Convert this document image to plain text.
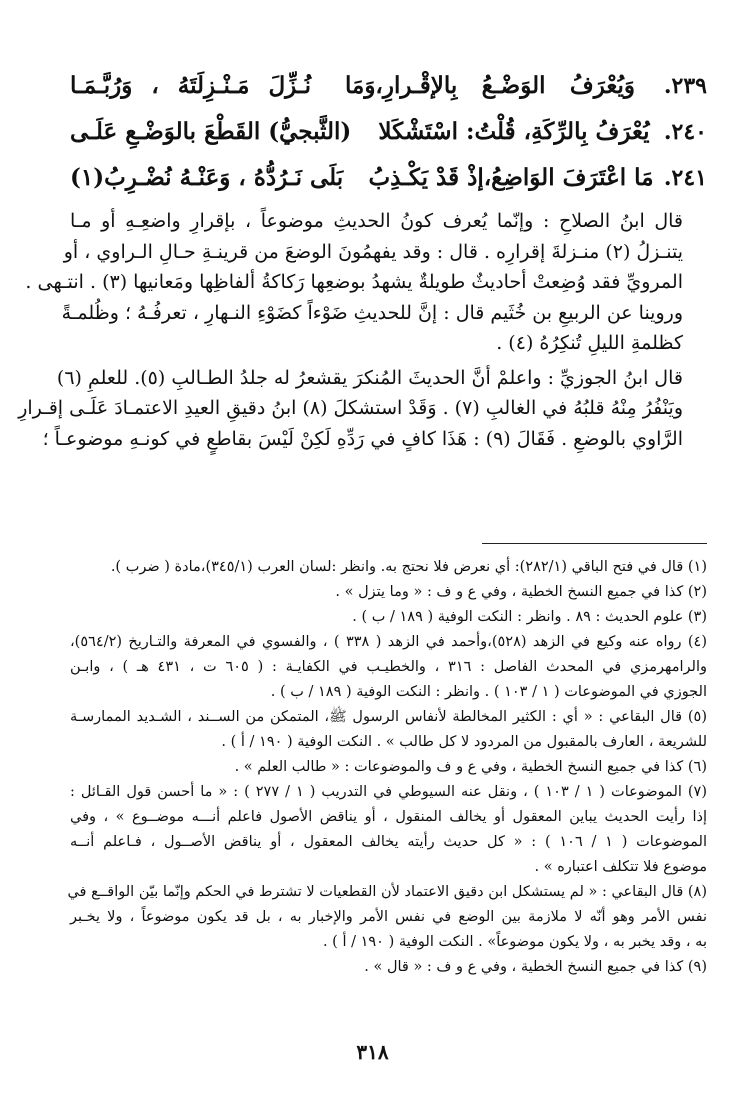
٢٣٩.
وَيُعْرَفُ الوَضْـعُ بِالإقْـرارِ،وَمَا
نُـزِّلَ مَـنْـزِلَتَهُ ، وَرُبَّـمَـا
٢٤٠.
يُعْرَفُ بِالرِّكَةِ، قُلْتُ: اسْتَشْكَلا
(الثَّبجيُّ) القَطْعَ بالوَضْـعِ عَلَـى
٢٤١.
مَا اعْتَرَفَ الوَاضِعُ،إذْ قَدْ يَكْـذِبُ
بَلَى نَـرُدُّهُ ، وَعَنْـهُ نُضْـرِبُ(١)

قال ابنُ الصلاحِ : وإنّما يُعرف كونُ الحديثِ موضوعاً ، بإقرارِ واضعِـهِ أو مـا
يتنـزلُ (٢) منـزلةَ إقرارِه . قال : وقد يفهمُونَ الوضعَ من قرينـةِ حـالِ الـراوي ، أو
المرويِّ فقد وُضِعتْ أحاديثٌ طويلةٌ يشهدُ بوضعِها رَكاكةُ ألفاظِها ومَعانيها (٣) . انتـهى .
وروينا عن الربيعِ بن خُثَيم قال : إنَّ للحديثِ ضَوْءاً كضَوْءِ النـهارِ ، تعرفُـهُ ؛ وظُلمـةً
كظلمةِ الليلِ تُنكِرُهُ (٤) .

قال ابنُ الجوزيِّ : واعلمْ أنَّ الحديثَ المُنكرَ يقشعرُ له جلدُ الطـالبِ (٥). للعلمِ (٦)
ويَنْفُرُ مِنْهُ قلبُهُ في الغالبِ (٧) . وَقَدْ استشكلَ (٨) ابنُ دقيقِ العيدِ الاعتمـادَ عَلَـى إقـرارِ
الرَّاوي بالوضعِ . فَقَالَ (٩) : هَذَا كافٍ في رَدِّهِ لَكِنْ لَيْسَ بقاطعٍ في كونـهِ موضوعـاً ؛

(١) قال في فتح الباقي (٢٨٢/١): أي نعرض فلا نحتج به. وانظر :لسان العرب (٣٤٥/١)،مادة ( ضرب ).

(٢) كذا في جميع النسخ الخطية ، وفي ع و ف : « وما يتزل » .

(٣) علوم الحديث : ٨٩ . وانظر : النكت الوفية ( ١٨٩ / ب ) .

(٤) رواه عنه وكيع في الزهد (٥٢٨)،وأحمد في الزهد ( ٣٣٨ ) ، والفسوي في المعرفة والتـاريخ (٥٦٤/٢)،
والرامهرمزي في المحدث الفاصل : ٣١٦ ، والخطيـب في الكفايـة : ( ٦٠٥ ت ، ٤٣١ هـ ) ، وابـن
الجوزي في الموضوعات ( ١ / ١٠٣ ) . وانظر : النكت الوفية ( ١٨٩ / ب ) .

(٥) قال البقاعي : « أي : الكثير المخالطة لأنفاس الرسول ﷺ، المتمكن من الســند ، الشـديد الممارسـة
للشريعة ، العارف بالمقبول من المردود لا كل طالب » . النكت الوفية ( ١٩٠ / أ ) .

(٦) كذا في جميع النسخ الخطية ، وفي ع و ف والموضوعات : « طالب العلم » .

(٧) الموضوعات ( ١ / ١٠٣ ) ، ونقل عنه السيوطي في التدريب ( ١ / ٢٧٧ ) : « ما أحسن قول القـائل :
إذا رأيت الحديث يباين المعقول أو يخالف المنقول ، أو يناقض الأصول فاعلم أنـــه موضــوع » ، وفي
الموضوعات ( ١ / ١٠٦ ) : « كل حديث رأيته يخالف المعقول ، أو يناقض الأصــول ، فـاعلم أنــه
موضوع فلا تتكلف اعتباره » .

(٨) قال البقاعي : « لم يستشكل ابن دقيق الاعتماد لأن القطعيات لا تشترط في الحكم وإنّما بيّن الواقــع في
نفس الأمر وهو أنّه لا ملازمة بين الوضع في نفس الأمر والإخبار به ، بل قد يكون موضوعاً ، ولا يخـبر
به ، وقد يخبر به ، ولا يكون موضوعاً» . النكت الوفية ( ١٩٠ / أ ) .

(٩) كذا في جميع النسخ الخطية ، وفي ع و ف : « قال » .

٣١٨
